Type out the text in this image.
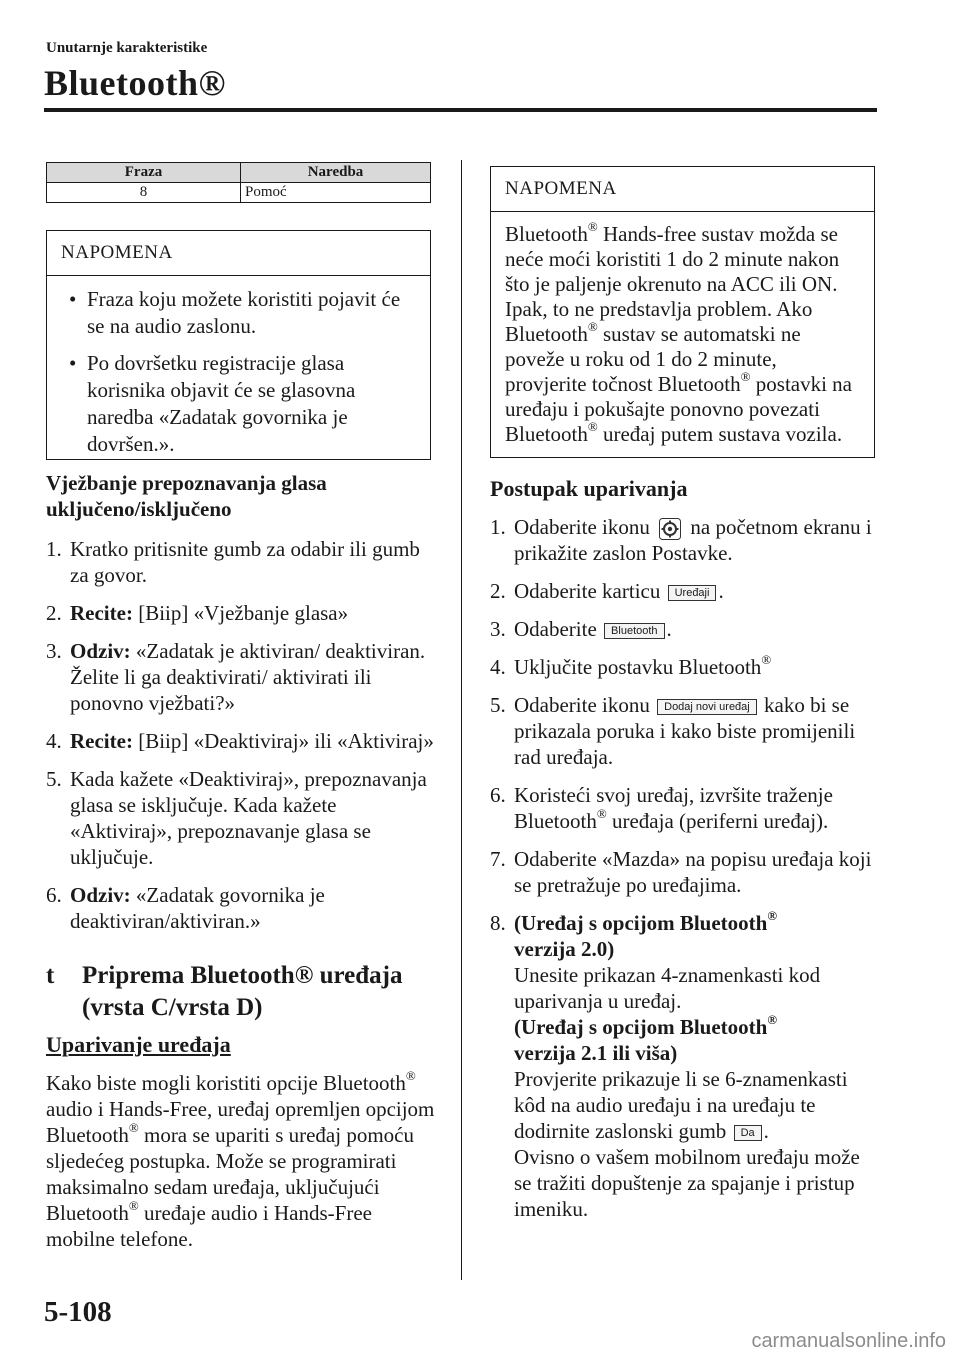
Unutarnje karakteristike
Bluetooth®
Fraza	Naredba
8	Pomoć
NAPOMENA
• Fraza koju možete koristiti pojavit će se na audio zaslonu.
• Po dovršetku registracije glasa korisnika objavit će se glasovna naredba «Zadatak govornika je dovršen.».
Vježbanje prepoznavanja glasa
uključeno/isključeno
1. Kratko pritisnite gumb za odabir ili gumb za govor.
2. Recite: [Biip] «Vježbanje glasa»
3. Odziv: «Zadatak je aktiviran/ deaktiviran. Želite li ga deaktivirati/ aktivirati ili ponovno vježbati?»
4. Recite: [Biip] «Deaktiviraj» ili «Aktiviraj»
5. Kada kažete «Deaktiviraj», prepoznavanja glasa se isključuje. Kada kažete «Aktiviraj», prepoznavanje glasa se uključuje.
6. Odziv: «Zadatak govornika je deaktiviran/aktiviran.»
t Priprema Bluetooth® uređaja
(vrsta C/vrsta D)
Uparivanje uređaja
Kako biste mogli koristiti opcije Bluetooth® audio i Hands-Free, uređaj opremljen opcijom Bluetooth® mora se upariti s uređaj pomoću sljedećeg postupka. Može se programirati maksimalno sedam uređaja, uključujući Bluetooth® uređaje audio i Hands-Free mobilne telefone.
NAPOMENA
Bluetooth® Hands-free sustav možda se neće moći koristiti 1 do 2 minute nakon što je paljenje okrenuto na ACC ili ON. Ipak, to ne predstavlja problem. Ako Bluetooth® sustav se automatski ne poveže u roku od 1 do 2 minute, provjerite točnost Bluetooth® postavki na uređaju i pokušajte ponovno povezati Bluetooth® uređaj putem sustava vozila.
Postupak uparivanja
1. Odaberite ikonu na početnom ekranu i prikažite zaslon Postavke.
2. Odaberite karticu Uređaji .
3. Odaberite Bluetooth .
4. Uključite postavku Bluetooth®
5. Odaberite ikonu Dodaj novi uređaj kako bi se prikazala poruka i kako biste promijenili rad uređaja.
6. Koristeći svoj uređaj, izvršite traženje Bluetooth® uređaja (periferni uređaj).
7. Odaberite «Mazda» na popisu uređaja koji se pretražuje po uređajima.
8. (Uređaj s opcijom Bluetooth®
verzija 2.0)
Unesite prikazan 4-znamenkasti kod uparivanja u uređaj.
(Uređaj s opcijom Bluetooth®
verzija 2.1 ili viša)
Provjerite prikazuje li se 6-znamenkasti kôd na audio uređaju i na uređaju te dodirnite zaslonski gumb Da .
Ovisno o vašem mobilnom uređaju može se tražiti dopuštenje za spajanje i pristup imeniku.
5-108
carmanualsonline.info
